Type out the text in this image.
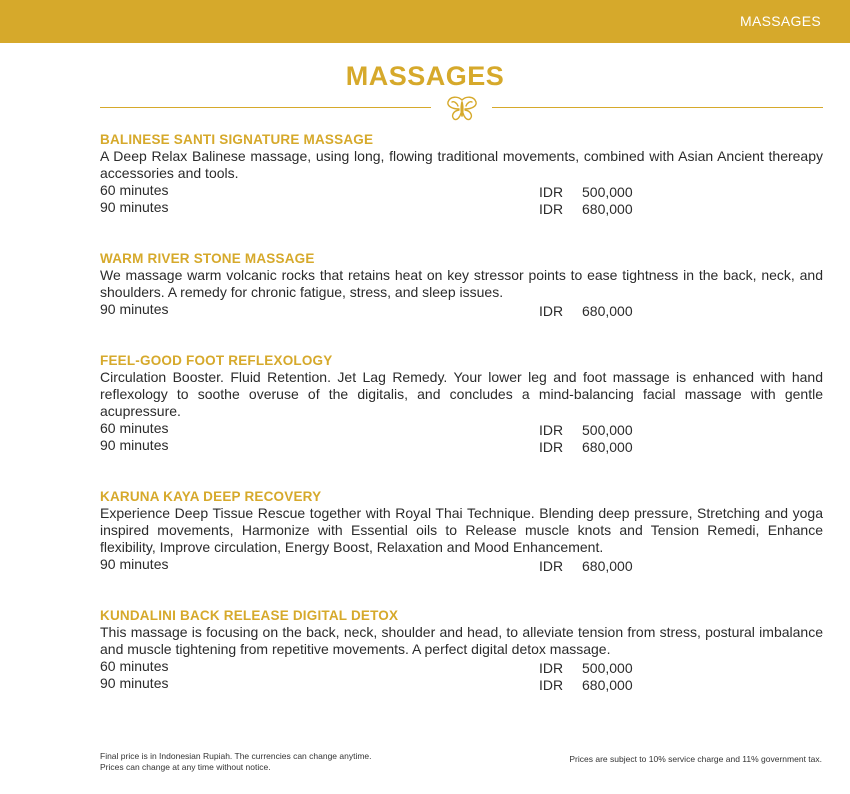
MASSAGES
MASSAGES
BALINESE SANTI SIGNATURE MASSAGE

A Deep Relax Balinese massage, using long, flowing traditional movements, combined with Asian Ancient thereapy accessories and tools.

60 minutes	IDR 500,000
90 minutes	IDR 680,000
WARM RIVER STONE MASSAGE

We massage warm volcanic rocks that retains heat on key stressor points to ease tightness in the back, neck, and shoulders. A remedy for chronic fatigue, stress, and sleep issues.

90 minutes	IDR 680,000
FEEL-GOOD FOOT REFLEXOLOGY

Circulation Booster. Fluid Retention. Jet Lag Remedy. Your lower leg and foot massage is enhanced with hand reflexology to soothe overuse of the digitalis, and concludes a mind-balancing facial massage with gentle acupressure.

60 minutes	IDR 500,000
90 minutes	IDR 680,000
KARUNA KAYA DEEP RECOVERY

Experience Deep Tissue Rescue together with Royal Thai Technique. Blending deep pressure, Stretching and yoga inspired movements, Harmonize with Essential oils to Release muscle knots and Tension Remedi, Enhance flexibility, Improve circulation, Energy Boost, Relaxation and Mood Enhancement.

90 minutes	IDR 680,000
KUNDALINI BACK RELEASE DIGITAL DETOX

This massage is focusing on the back, neck, shoulder and head, to alleviate tension from stress, postural imbalance and muscle tightening from repetitive movements. A perfect digital detox massage.

60 minutes	IDR 500,000
90 minutes	IDR 680,000
Final price is in Indonesian Rupiah. The currencies can change anytime.
Prices can change at any time without notice.
Prices are subject to 10% service charge and 11% government tax.
